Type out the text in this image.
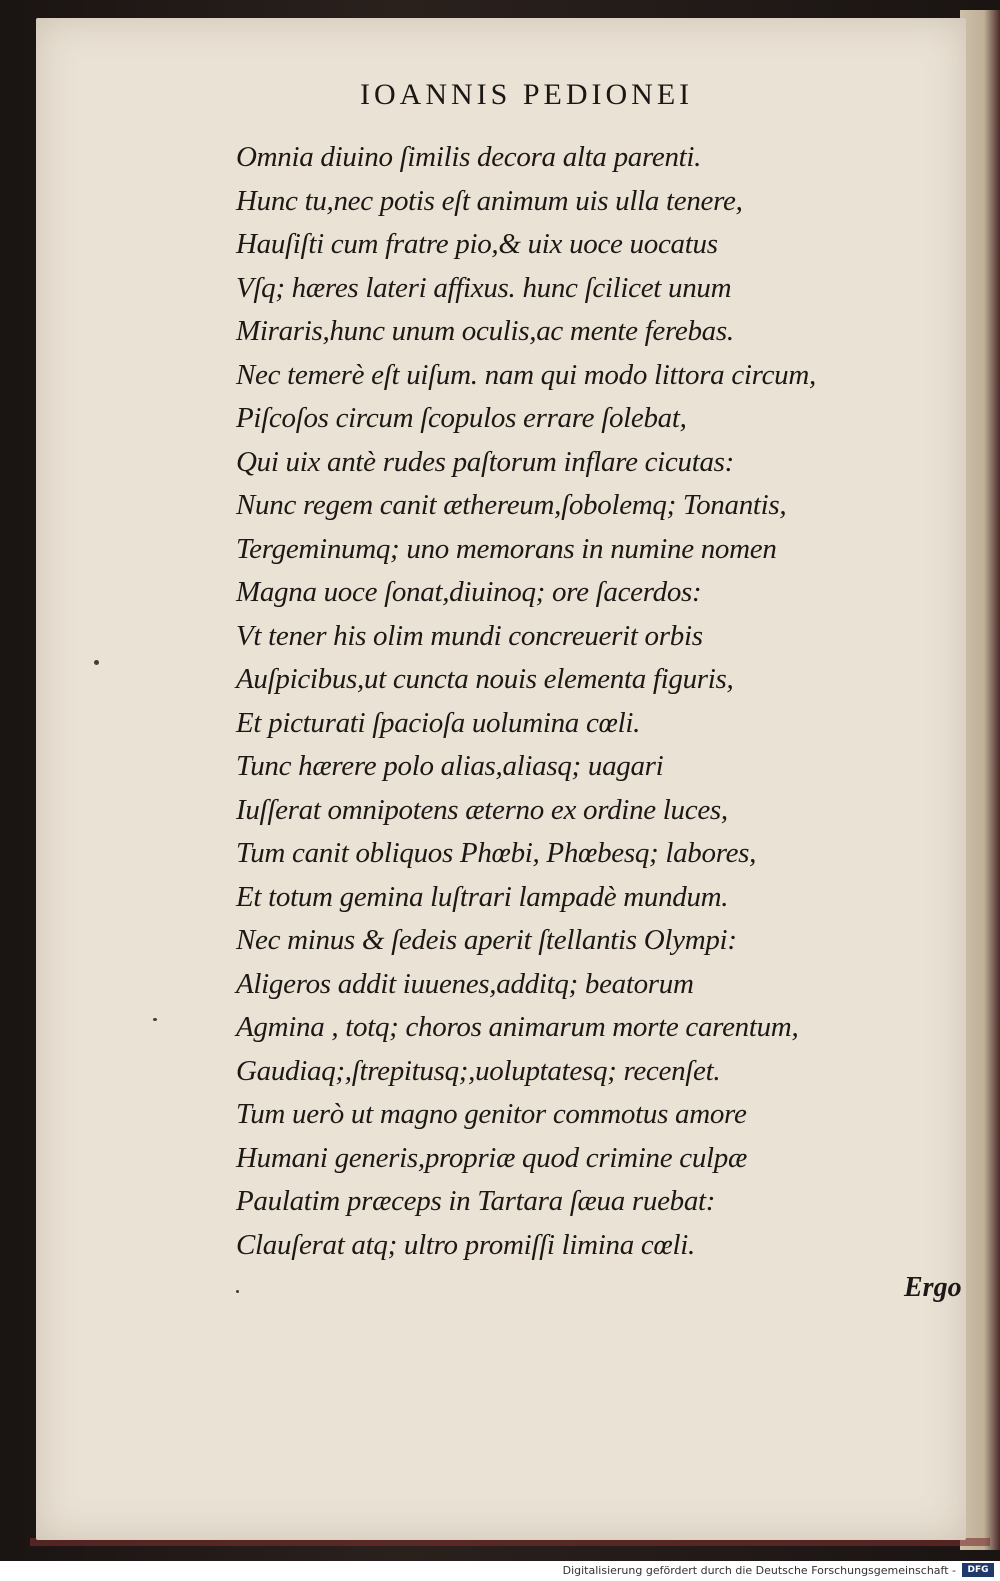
IOANNIS PEDIONEI
Omnia diuino ſimilis decora alta parenti.
Hunc tu,nec potis eſt animum uis ulla tenere,
Hauſiſti cum fratre pio,& uix uoce uocatus
Vſq; hæres lateri affixus. hunc ſcilicet unum
Miraris,hunc unum oculis,ac mente ferebas.
Nec temerè eſt uiſum. nam qui modo littora circum,
Piſcoſos circum ſcopulos errare ſolebat,
Qui uix antè rudes paſtorum inflare cicutas:
Nunc regem canit æthereum,ſobolemq; Tonantis,
Tergeminumq; uno memorans in numine nomen
Magna uoce ſonat,diuinoq; ore ſacerdos:
Vt tener his olim mundi concreuerit orbis
Auſpicibus,ut cuncta nouis elementa figuris,
Et picturati ſpacioſa uolumina cœli.
Tunc hærere polo alias,aliasq; uagari
Iuſſerat omnipotens æterno ex ordine luces,
Tum canit obliquos Phœbi, Phœbesq; labores,
Et totum gemina luſtrari lampadè mundum.
Nec minus & ſedeis aperit ſtellantis Olympi:
Aligeros addit iuuenes,additq; beatorum
Agmina , totq; choros animarum morte carentum,
Gaudiaq;,ſtrepitusq;,uoluptatesq; recenſet.
Tum uerò ut magno genitor commotus amore
Humani generis,propriæ quod crimine culpæ
Paulatim præceps in Tartara ſæua ruebat:
Clauſerat atq; ultro promiſſi limina cœli.
Ergo
Digitalisierung gefördert durch die Deutsche Forschungsgemeinschaft -	DFG
